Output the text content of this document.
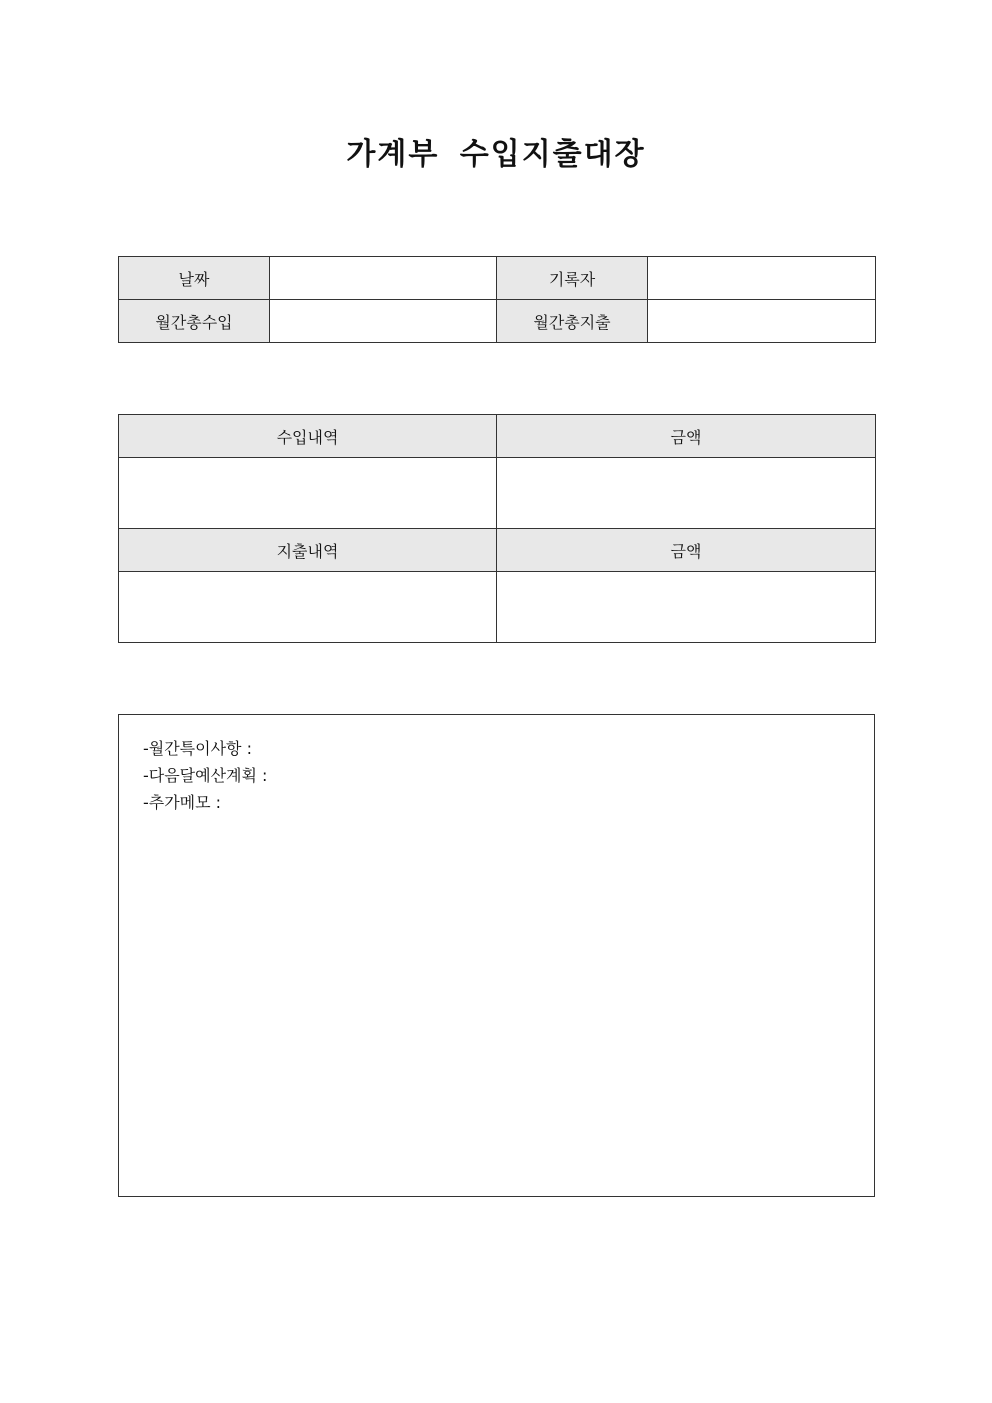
가계부 수입지출대장
날짜		기록자	
월간총수입		월간총지출	
수입내역	금액

지출내역	금액

-월간특이사항 :
-다음달예산계획 :
-추가메모 :
